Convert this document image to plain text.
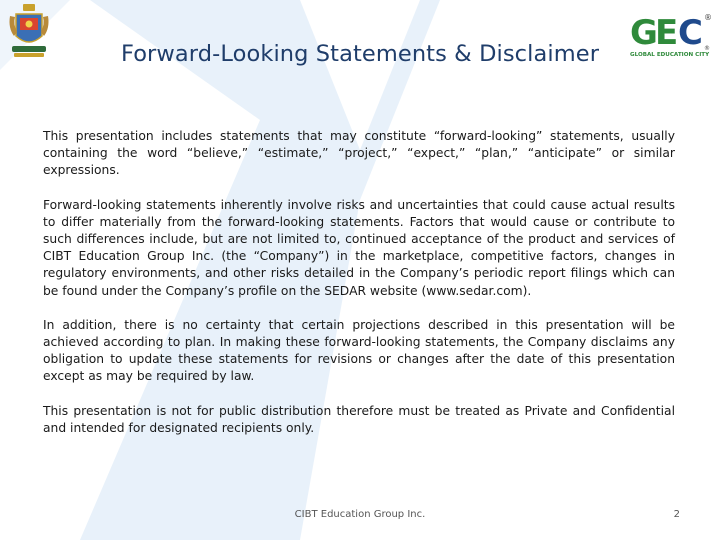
G
E C ®
GLOBAL EDUCATION CITY
®
Forward-Looking Statements & Disclaimer

This presentation includes statements that may constitute “forward-looking” statements, usually containing the word “believe,” “estimate,” “project,” “expect,” “plan,” “anticipate” or similar expressions.

Forward-looking statements inherently involve risks and uncertainties that could cause actual results to differ materially from the forward-looking statements. Factors that would cause or contribute to such differences include, but are not limited to, continued acceptance of the product and services of CIBT Education Group Inc. (the “Company”) in the marketplace, competitive factors, changes in regulatory environments, and other risks detailed in the Company’s periodic report filings which can be found under the Company’s profile on the SEDAR website (www.sedar.com).

In addition, there is no certainty that certain projections described in this presentation will be achieved according to plan. In making these forward-looking statements, the Company disclaims any obligation to update these statements for revisions or changes after the date of this presentation except as may be required by law.

This presentation is not for public distribution therefore must be treated as Private and Confidential and intended for designated recipients only.

CIBT Education Group Inc.	2
